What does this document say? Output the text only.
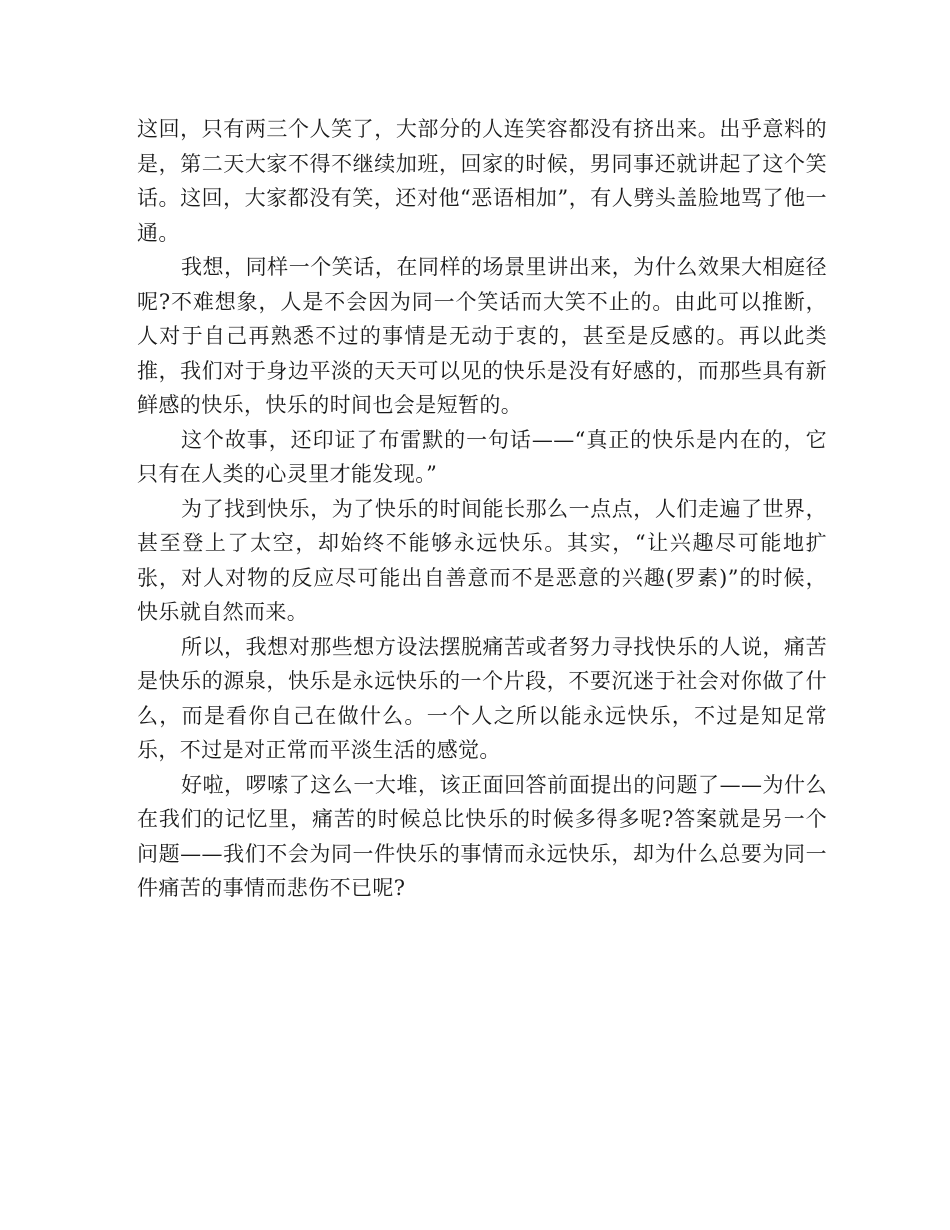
这回，只有两三个人笑了，大部分的人连笑容都没有挤出来。出乎意料的是，第二天大家不得不继续加班，回家的时候，男同事还就讲起了这个笑话。这回，大家都没有笑，还对他“恶语相加”，有人劈头盖脸地骂了他一通。

我想，同样一个笑话，在同样的场景里讲出来，为什么效果大相庭径呢?不难想象，人是不会因为同一个笑话而大笑不止的。由此可以推断，人对于自己再熟悉不过的事情是无动于衷的，甚至是反感的。再以此类推，我们对于身边平淡的天天可以见的快乐是没有好感的，而那些具有新鲜感的快乐，快乐的时间也会是短暂的。

这个故事，还印证了布雷默的一句话——“真正的快乐是内在的，它只有在人类的心灵里才能发现。”

为了找到快乐，为了快乐的时间能长那么一点点，人们走遍了世界，甚至登上了太空，却始终不能够永远快乐。其实，“让兴趣尽可能地扩张，对人对物的反应尽可能出自善意而不是恶意的兴趣(罗素)”的时候，快乐就自然而来。

所以，我想对那些想方设法摆脱痛苦或者努力寻找快乐的人说，痛苦是快乐的源泉，快乐是永远快乐的一个片段，不要沉迷于社会对你做了什么，而是看你自己在做什么。一个人之所以能永远快乐，不过是知足常乐，不过是对正常而平淡生活的感觉。

好啦，啰嗦了这么一大堆，该正面回答前面提出的问题了——为什么在我们的记忆里，痛苦的时候总比快乐的时候多得多呢?答案就是另一个问题——我们不会为同一件快乐的事情而永远快乐，却为什么总要为同一件痛苦的事情而悲伤不已呢?
